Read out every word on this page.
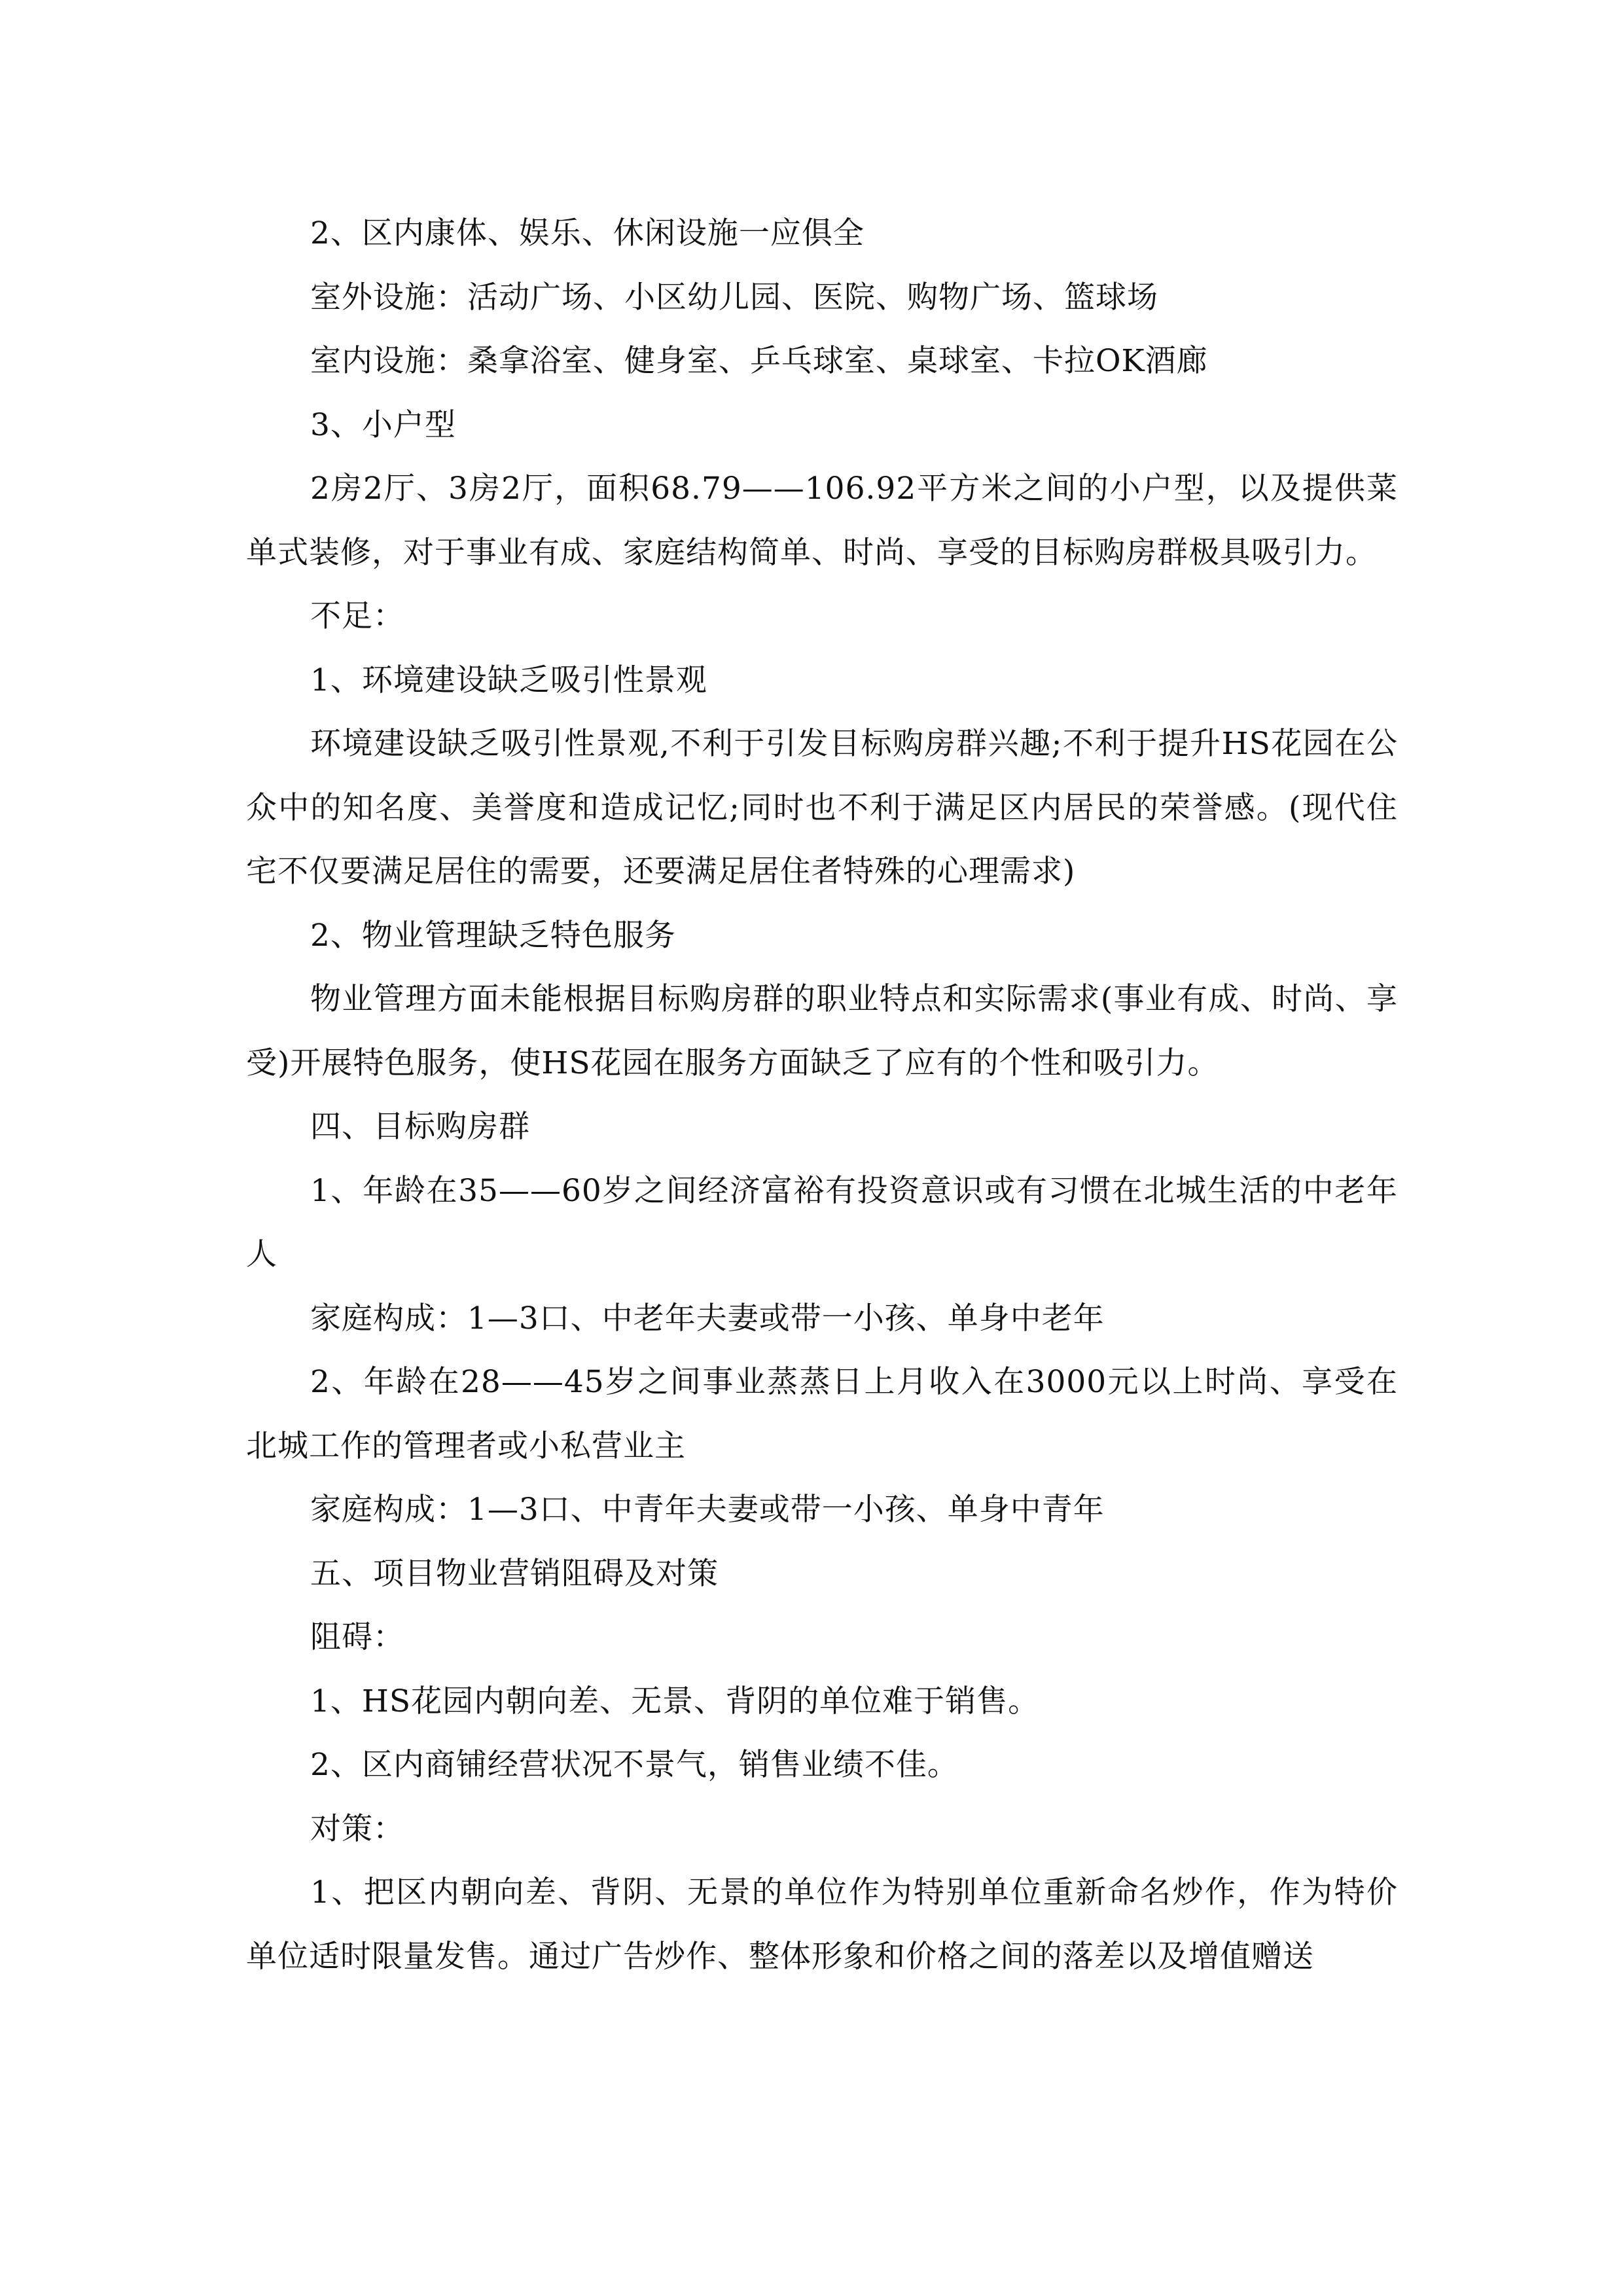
2、区内康体、娱乐、休闲设施一应俱全

室外设施：活动广场、小区幼儿园、医院、购物广场、篮球场

室内设施：桑拿浴室、健身室、乒乓球室、桌球室、卡拉OK酒廊

3、小户型

2房2厅、3房2厅，面积68.79——106.92平方米之间的小户型，以及提供菜单式装修，对于事业有成、家庭结构简单、时尚、享受的目标购房群极具吸引力。

不足：

1、环境建设缺乏吸引性景观

环境建设缺乏吸引性景观,不利于引发目标购房群兴趣;不利于提升HS花园在公众中的知名度、美誉度和造成记忆;同时也不利于满足区内居民的荣誉感。(现代住宅不仅要满足居住的需要，还要满足居住者特殊的心理需求)

2、物业管理缺乏特色服务

物业管理方面未能根据目标购房群的职业特点和实际需求(事业有成、时尚、享受)开展特色服务，使HS花园在服务方面缺乏了应有的个性和吸引力。

四、目标购房群

1、年龄在35——60岁之间经济富裕有投资意识或有习惯在北城生活的中老年人

家庭构成：1—3口、中老年夫妻或带一小孩、单身中老年

2、年龄在28——45岁之间事业蒸蒸日上月收入在3000元以上时尚、享受在北城工作的管理者或小私营业主

家庭构成：1—3口、中青年夫妻或带一小孩、单身中青年

五、项目物业营销阻碍及对策

阻碍：

1、HS花园内朝向差、无景、背阴的单位难于销售。

2、区内商铺经营状况不景气，销售业绩不佳。

对策：

1、把区内朝向差、背阴、无景的单位作为特别单位重新命名炒作，作为特价单位适时限量发售。通过广告炒作、整体形象和价格之间的落差以及增值赠送
